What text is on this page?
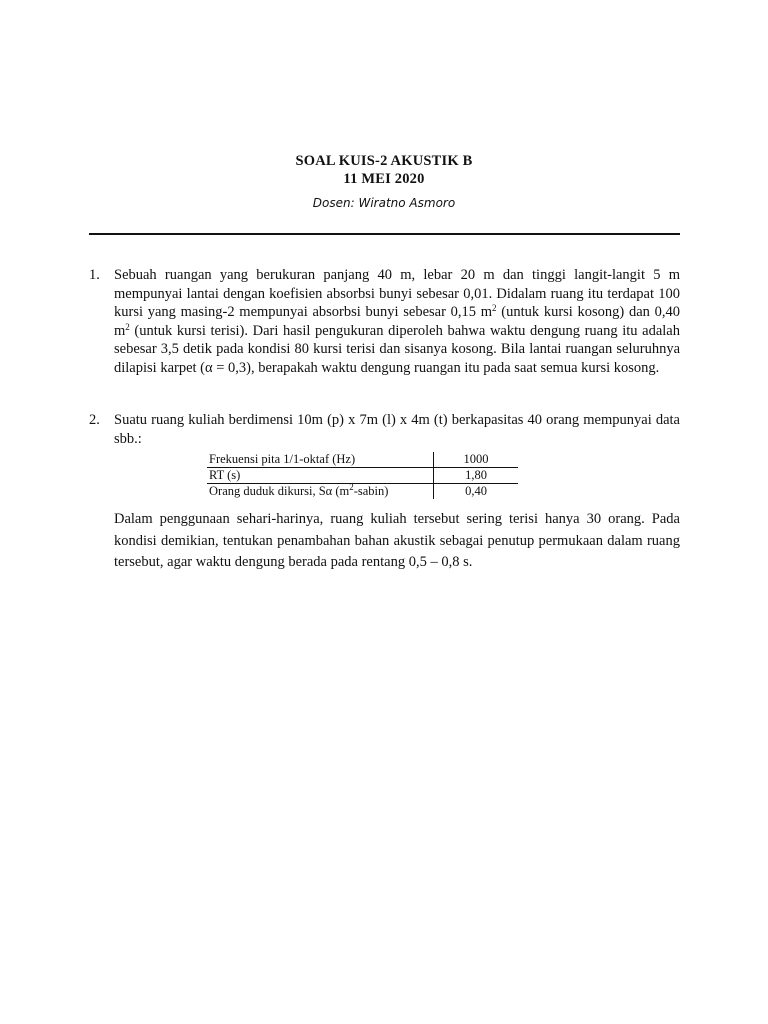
SOAL KUIS-2 AKUSTIK B
11 MEI 2020
Dosen: Wiratno Asmoro
1. Sebuah ruangan yang berukuran panjang 40 m, lebar 20 m dan tinggi langit-langit 5 m mempunyai lantai dengan koefisien absorbsi bunyi sebesar 0,01. Didalam ruang itu terdapat 100 kursi yang masing-2 mempunyai absorbsi bunyi sebesar 0,15 $m^2$ (untuk kursi kosong) dan 0,40 $m^2$ (untuk kursi terisi). Dari hasil pengukuran diperoleh bahwa waktu dengung ruang itu adalah sebesar 3,5 detik pada kondisi 80 kursi terisi dan sisanya kosong. Bila lantai ruangan seluruhnya dilapisi karpet (α = 0,3), berapakah waktu dengung ruangan itu pada saat semua kursi kosong.
2. Suatu ruang kuliah berdimensi 10m (p) x 7m (l) x 4m (t) berkapasitas 40 orang mempunyai data sbb.:
Frekuensi pita 1/1-oktaf (Hz)	1000
RT (s)	1,80
Orang duduk dikursi, Sα $(m^2-sabin)$	0,40
Dalam penggunaan sehari-harinya, ruang kuliah tersebut sering terisi hanya 30 orang. Pada kondisi demikian, tentukan penambahan bahan akustik sebagai penutup permukaan dalam ruang tersebut, agar waktu dengung berada pada rentang 0,5 – 0,8 s.
